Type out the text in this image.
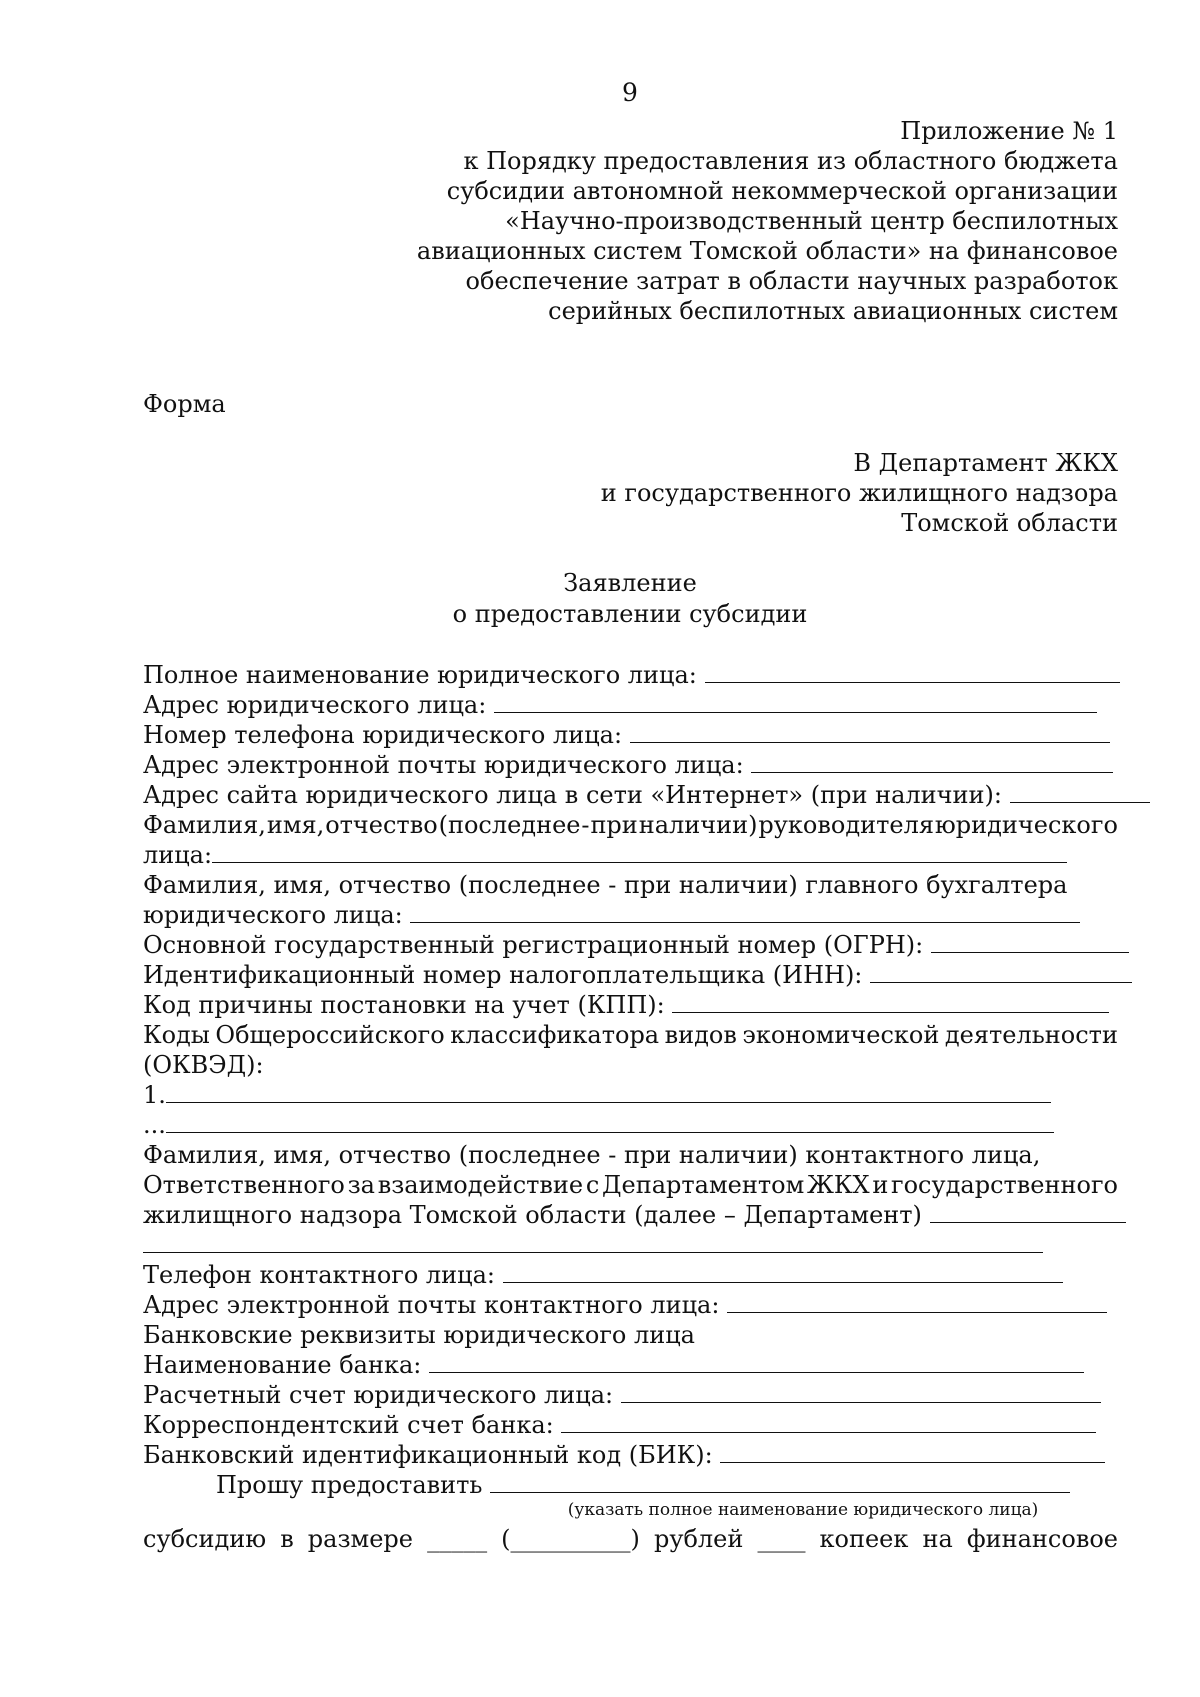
9
Приложение № 1
к Порядку предоставления из областного бюджета
субсидии автономной некоммерческой организации
«Научно-производственный центр беспилотных
авиационных систем Томской области» на финансовое
обеспечение затрат в области научных разработок
серийных беспилотных авиационных систем
Форма
В Департамент ЖКХ
и государственного жилищного надзора
Томской области
Заявление
о предоставлении субсидии
Полное наименование юридического лица:
Адрес юридического лица:
Номер телефона юридического лица:
Адрес электронной почты юридического лица:
Адрес сайта юридического лица в сети «Интернет» (при наличии):
Фамилия, имя, отчество (последнее - при наличии) руководителя юридического
лица:
Фамилия, имя, отчество (последнее - при наличии) главного бухгалтера
юридического лица:
Основной государственный регистрационный номер (ОГРН):
Идентификационный номер налогоплательщика (ИНН):
Код причины постановки на учет (КПП):
Коды Общероссийского классификатора видов экономической деятельности
(ОКВЭД):
1.
...
Фамилия, имя, отчество (последнее - при наличии) контактного лица,
Ответственного за взаимодействие с Департаментом ЖКХ и государственного
жилищного надзора Томской области (далее – Департамент)
Телефон контактного лица:
Адрес электронной почты контактного лица:
Банковские реквизиты юридического лица
Наименование банка:
Расчетный счет юридического лица:
Корреспондентский счет банка:
Банковский идентификационный код (БИК):
Прошу предоставить
(указать полное наименование юридического лица)
субсидию в размере _____ (__________) рублей ____ копеек на финансовое
